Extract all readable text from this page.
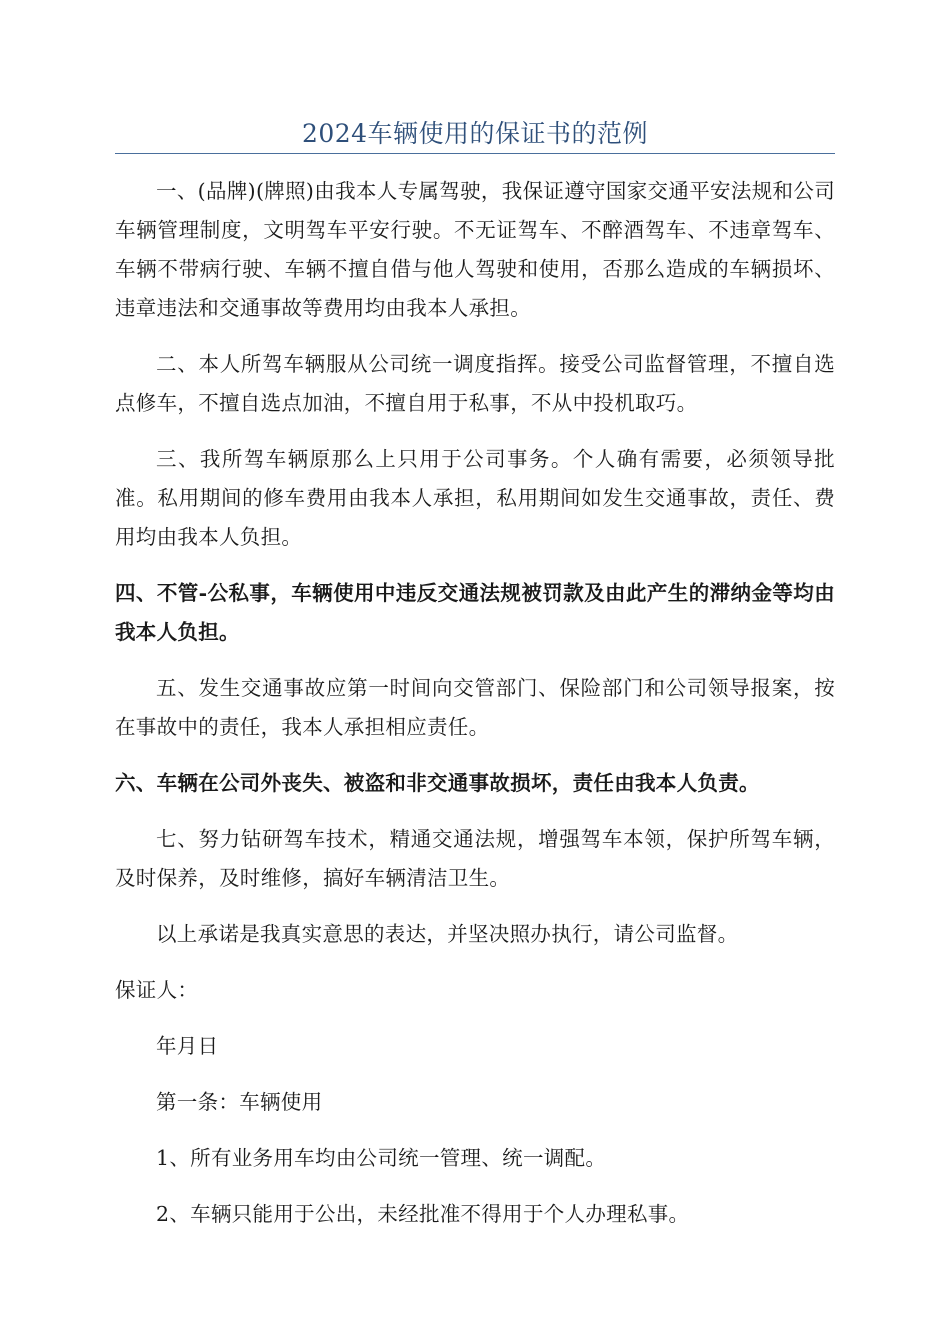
2024车辆使用的保证书的范例

一、(品牌)(牌照)由我本人专属驾驶，我保证遵守国家交通平安法规和公司车辆管理制度，文明驾车平安行驶。不无证驾车、不醉酒驾车、不违章驾车、车辆不带病行驶、车辆不擅自借与他人驾驶和使用，否那么造成的车辆损坏、违章违法和交通事故等费用均由我本人承担。

二、本人所驾车辆服从公司统一调度指挥。接受公司监督管理，不擅自选点修车，不擅自选点加油，不擅自用于私事，不从中投机取巧。

三、我所驾车辆原那么上只用于公司事务。个人确有需要，必须领导批准。私用期间的修车费用由我本人承担，私用期间如发生交通事故，责任、费用均由我本人负担。

四、不管-公私事，车辆使用中违反交通法规被罚款及由此产生的滞纳金等均由我本人负担。

五、发生交通事故应第一时间向交管部门、保险部门和公司领导报案，按在事故中的责任，我本人承担相应责任。

六、车辆在公司外丧失、被盗和非交通事故损坏，责任由我本人负责。

七、努力钻研驾车技术，精通交通法规，增强驾车本领，保护所驾车辆，及时保养，及时维修，搞好车辆清洁卫生。

以上承诺是我真实意思的表达，并坚决照办执行，请公司监督。

保证人：

年月日

第一条：车辆使用

1、所有业务用车均由公司统一管理、统一调配。

2、车辆只能用于公出，未经批准不得用于个人办理私事。
